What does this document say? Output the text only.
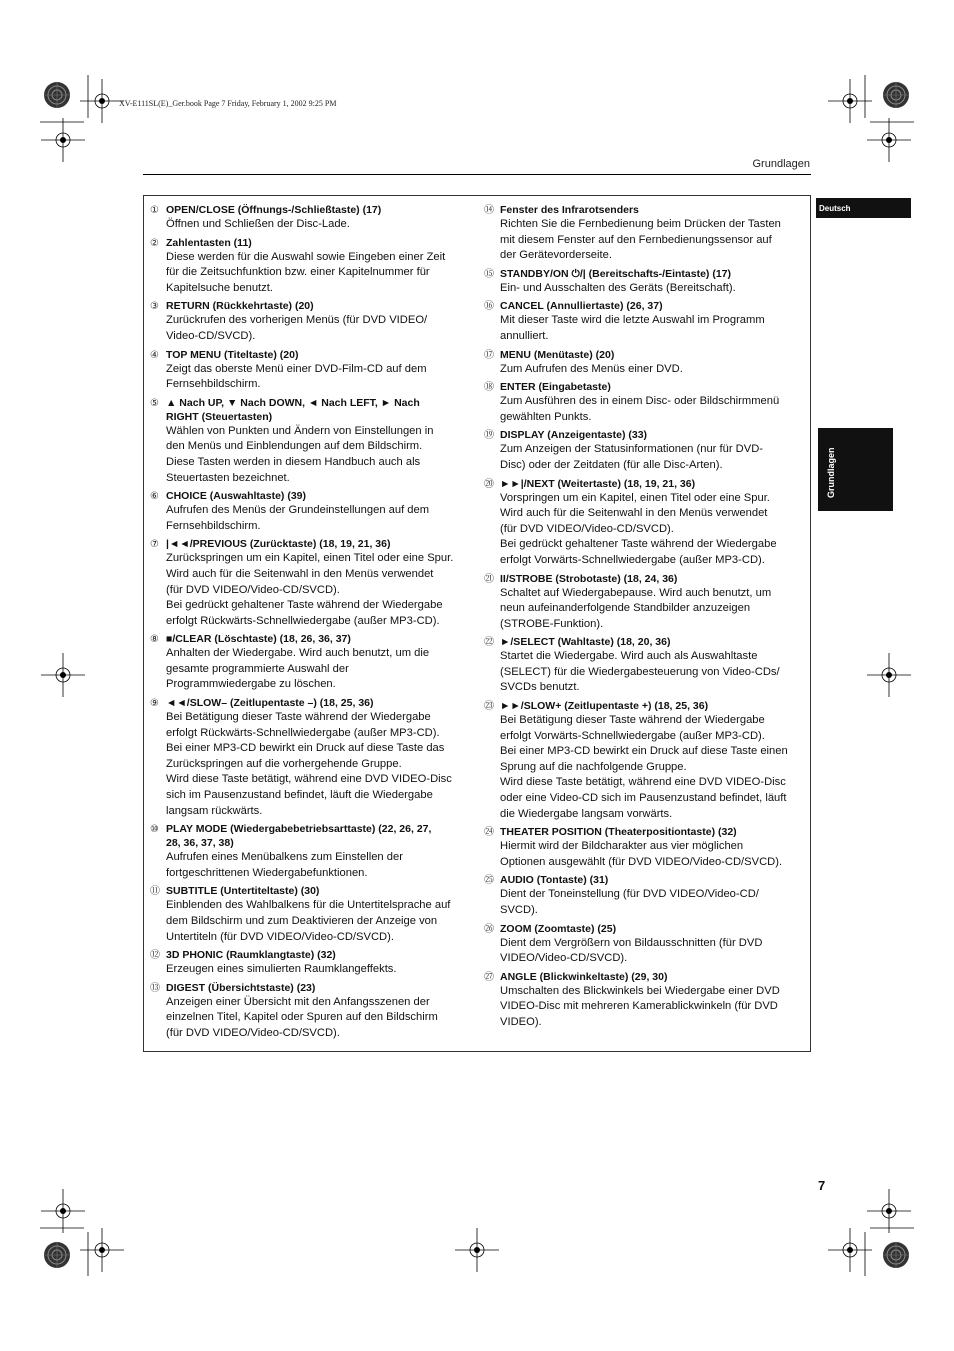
XV-E111SL(E)_Ger.book Page 7 Friday, February 1, 2002 9:25 PM
Grundlagen
Deutsch
Grundlagen
① OPEN/CLOSE (Öffnungs-/Schließtaste) (17)
Öffnen und Schließen der Disc-Lade.
② Zahlentasten (11)
Diese werden für die Auswahl sowie Eingeben einer Zeit
für die Zeitsuchfunktion bzw. einer Kapitelnummer für
Kapitelsuche benutzt.
③ RETURN (Rückkehrtaste) (20)
Zurückrufen des vorherigen Menüs (für DVD VIDEO/
Video-CD/SVCD).
④ TOP MENU (Titeltaste) (20)
Zeigt das oberste Menü einer DVD-Film-CD auf dem
Fernsehbildschirm.
⑤ ▲ Nach UP, ▼ Nach DOWN, ◄ Nach LEFT, ► Nach
RIGHT (Steuertasten)
Wählen von Punkten und Ändern von Einstellungen in
den Menüs und Einblendungen auf dem Bildschirm.
Diese Tasten werden in diesem Handbuch auch als
Steuertasten bezeichnet.
⑥ CHOICE (Auswahltaste) (39)
Aufrufen des Menüs der Grundeinstellungen auf dem
Fernsehbildschirm.
⑦ |◄◄/PREVIOUS (Zurücktaste) (18, 19, 21, 36)
Zurückspringen um ein Kapitel, einen Titel oder eine Spur.
Wird auch für die Seitenwahl in den Menüs verwendet
(für DVD VIDEO/Video-CD/SVCD).
Bei gedrückt gehaltener Taste während der Wiedergabe
erfolgt Rückwärts-Schnellwiedergabe (außer MP3-CD).
⑧ ■/CLEAR (Löschtaste) (18, 26, 36, 37)
Anhalten der Wiedergabe. Wird auch benutzt, um die
gesamte programmierte Auswahl der
Programmwiedergabe zu löschen.
⑨ ◄◄/SLOW– (Zeitlupentaste –) (18, 25, 36)
Bei Betätigung dieser Taste während der Wiedergabe
erfolgt Rückwärts-Schnellwiedergabe (außer MP3-CD).
Bei einer MP3-CD bewirkt ein Druck auf diese Taste das
Zurückspringen auf die vorhergehende Gruppe.
Wird diese Taste betätigt, während eine DVD VIDEO-Disc
sich im Pausenzustand befindet, läuft die Wiedergabe
langsam rückwärts.
⑩ PLAY MODE (Wiedergabebetriebsarttaste) (22, 26, 27,
28, 36, 37, 38)
Aufrufen eines Menübalkens zum Einstellen der
fortgeschrittenen Wiedergabefunktionen.
⑪ SUBTITLE (Untertiteltaste) (30)
Einblenden des Wahlbalkens für die Untertitelsprache auf
dem Bildschirm und zum Deaktivieren der Anzeige von
Untertiteln (für DVD VIDEO/Video-CD/SVCD).
⑫ 3D PHONIC (Raumklangtaste) (32)
Erzeugen eines simulierten Raumklangeffekts.
⑬ DIGEST (Übersichtstaste) (23)
Anzeigen einer Übersicht mit den Anfangsszenen der
einzelnen Titel, Kapitel oder Spuren auf den Bildschirm
(für DVD VIDEO/Video-CD/SVCD).
⑭ Fenster des Infrarotsenders
Richten Sie die Fernbedienung beim Drücken der Tasten
mit diesem Fenster auf den Fernbedienungssensor auf
der Gerätevorderseite.
⑮ STANDBY/ON ⏻/| (Bereitschafts-/Eintaste) (17)
Ein- und Ausschalten des Geräts (Bereitschaft).
⑯ CANCEL (Annulliertaste) (26, 37)
Mit dieser Taste wird die letzte Auswahl im Programm
annulliert.
⑰ MENU (Menütaste) (20)
Zum Aufrufen des Menüs einer DVD.
⑱ ENTER (Eingabetaste)
Zum Ausführen des in einem Disc- oder Bildschirmmenü
gewählten Punkts.
⑲ DISPLAY (Anzeigentaste) (33)
Zum Anzeigen der Statusinformationen (nur für DVD-
Disc) oder der Zeitdaten (für alle Disc-Arten).
⑳ ►►|/NEXT (Weitertaste) (18, 19, 21, 36)
Vorspringen um ein Kapitel, einen Titel oder eine Spur.
Wird auch für die Seitenwahl in den Menüs verwendet
(für DVD VIDEO/Video-CD/SVCD).
Bei gedrückt gehaltener Taste während der Wiedergabe
erfolgt Vorwärts-Schnellwiedergabe (außer MP3-CD).
㉑ II/STROBE (Strobotaste) (18, 24, 36)
Schaltet auf Wiedergabepause. Wird auch benutzt, um
neun aufeinanderfolgende Standbilder anzuzeigen
(STROBE-Funktion).
㉒ ►/SELECT (Wahltaste) (18, 20, 36)
Startet die Wiedergabe. Wird auch als Auswahltaste
(SELECT) für die Wiedergabesteuerung von Video-CDs/
SVCDs benutzt.
㉓ ►►/SLOW+ (Zeitlupentaste +) (18, 25, 36)
Bei Betätigung dieser Taste während der Wiedergabe
erfolgt Vorwärts-Schnellwiedergabe (außer MP3-CD).
Bei einer MP3-CD bewirkt ein Druck auf diese Taste einen
Sprung auf die nachfolgende Gruppe.
Wird diese Taste betätigt, während eine DVD VIDEO-Disc
oder eine Video-CD sich im Pausenzustand befindet, läuft
die Wiedergabe langsam vorwärts.
㉔ THEATER POSITION (Theaterpositiontaste) (32)
Hiermit wird der Bildcharakter aus vier möglichen
Optionen ausgewählt (für DVD VIDEO/Video-CD/SVCD).
㉕ AUDIO (Tontaste) (31)
Dient der Toneinstellung (für DVD VIDEO/Video-CD/
SVCD).
㉖ ZOOM (Zoomtaste) (25)
Dient dem Vergrößern von Bildausschnitten (für DVD
VIDEO/Video-CD/SVCD).
㉗ ANGLE (Blickwinkeltaste) (29, 30)
Umschalten des Blickwinkels bei Wiedergabe einer DVD
VIDEO-Disc mit mehreren Kamerablickwinkeln (für DVD
VIDEO).
7
